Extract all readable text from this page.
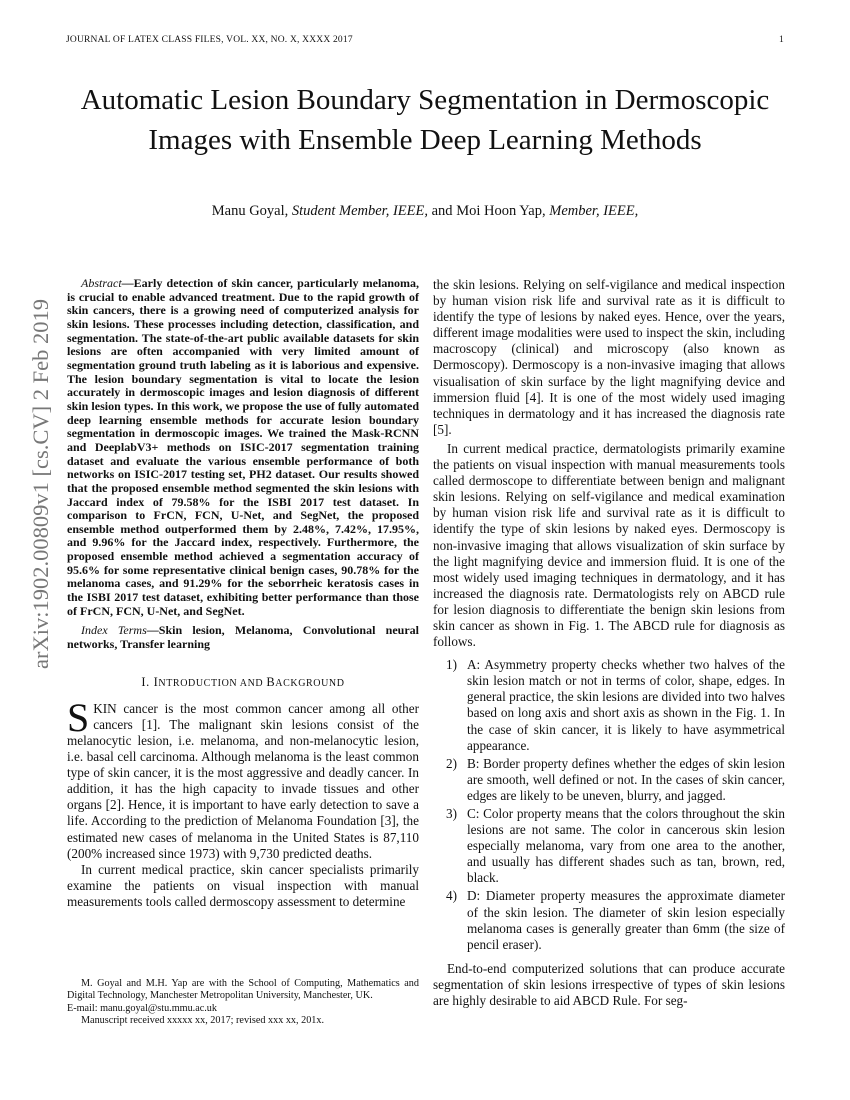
JOURNAL OF LATEX CLASS FILES, VOL. XX, NO. X, XXXX 2017	1
arXiv:1902.00809v1 [cs.CV] 2 Feb 2019
Automatic Lesion Boundary Segmentation in Dermoscopic Images with Ensemble Deep Learning Methods
Manu Goyal, Student Member, IEEE, and Moi Hoon Yap, Member, IEEE,

Abstract—Early detection of skin cancer, particularly melanoma, is crucial to enable advanced treatment. Due to the rapid growth of skin cancers, there is a growing need of computerized analysis for skin lesions. These processes including detection, classification, and segmentation. The state-of-the-art public available datasets for skin lesions are often accompanied with very limited amount of segmentation ground truth labeling as it is laborious and expensive. The lesion boundary segmentation is vital to locate the lesion accurately in dermoscopic images and lesion diagnosis of different skin lesion types. In this work, we propose the use of fully automated deep learning ensemble methods for accurate lesion boundary segmentation in dermoscopic images. We trained the Mask-RCNN and DeeplabV3+ methods on ISIC-2017 segmentation training dataset and evaluate the various ensemble performance of both networks on ISIC-2017 testing set, PH2 dataset. Our results showed that the proposed ensemble method segmented the skin lesions with Jaccard index of 79.58% for the ISBI 2017 test dataset. In comparison to FrCN, FCN, U-Net, and SegNet, the proposed ensemble method outperformed them by 2.48%, 7.42%, 17.95%, and 9.96% for the Jaccard index, respectively. Furthermore, the proposed ensemble method achieved a segmentation accuracy of 95.6% for some representative clinical benign cases, 90.78% for the melanoma cases, and 91.29% for the seborrheic keratosis cases in the ISBI 2017 test dataset, exhibiting better performance than those of FrCN, FCN, U-Net, and SegNet.

Index Terms—Skin lesion, Melanoma, Convolutional neural networks, Transfer learning

I. INTRODUCTION AND BACKGROUND

SKIN cancer is the most common cancer among all other cancers [1]. The malignant skin lesions consist of the melanocytic lesion, i.e. melanoma, and non-melanocytic lesion, i.e. basal cell carcinoma. Although melanoma is the least common type of skin cancer, it is the most aggressive and deadly cancer. In addition, it has the high capacity to invade tissues and other organs [2]. Hence, it is important to have early detection to save a life. According to the prediction of Melanoma Foundation [3], the estimated new cases of melanoma in the United States is 87,110 (200% increased since 1973) with 9,730 predicted deaths.

In current medical practice, skin cancer specialists primarily examine the patients on visual inspection with manual measurements tools called dermoscopy assessment to determine

M. Goyal and M.H. Yap are with the School of Computing, Mathematics and Digital Technology, Manchester Metropolitan University, Manchester, UK.

E-mail: manu.goyal@stu.mmu.ac.uk

Manuscript received xxxxx xx, 2017; revised xxx xx, 201x.

the skin lesions. Relying on self-vigilance and medical inspection by human vision risk life and survival rate as it is difficult to identify the type of lesions by naked eyes. Hence, over the years, different image modalities were used to inspect the skin, including macroscopy (clinical) and microscopy (also known as Dermoscopy). Dermoscopy is a non-invasive imaging that allows visualisation of skin surface by the light magnifying device and immersion fluid [4]. It is one of the most widely used imaging techniques in dermatology and it has increased the diagnosis rate [5].

In current medical practice, dermatologists primarily examine the patients on visual inspection with manual measurements tools called dermoscope to differentiate between benign and malignant skin lesions. Relying on self-vigilance and medical examination by human vision risk life and survival rate as it is difficult to identify the type of skin lesions by naked eyes. Dermoscopy is non-invasive imaging that allows visualization of skin surface by the light magnifying device and immersion fluid. It is one of the most widely used imaging techniques in dermatology, and it has increased the diagnosis rate. Dermatologists rely on ABCD rule for lesion diagnosis to differentiate the benign skin lesions from skin cancer as shown in Fig. 1. The ABCD rule for diagnosis as follows.

1) A: Asymmetry property checks whether two halves of the skin lesion match or not in terms of color, shape, edges. In general practice, the skin lesions are divided into two halves based on long axis and short axis as shown in the Fig. 1. In the case of skin cancer, it is likely to have asymmetrical appearance.
2) B: Border property defines whether the edges of skin lesion are smooth, well defined or not. In the cases of skin cancer, edges are likely to be uneven, blurry, and jagged.
3) C: Color property means that the colors throughout the skin lesions are not same. The color in cancerous skin lesion especially melanoma, vary from one area to the another, and usually has different shades such as tan, brown, red, black.
4) D: Diameter property measures the approximate diameter of the skin lesion. The diameter of skin lesion especially melanoma cases is generally greater than 6mm (the size of pencil eraser).

End-to-end computerized solutions that can produce accurate segmentation of skin lesions irrespective of types of skin lesions are highly desirable to aid ABCD Rule. For seg-
